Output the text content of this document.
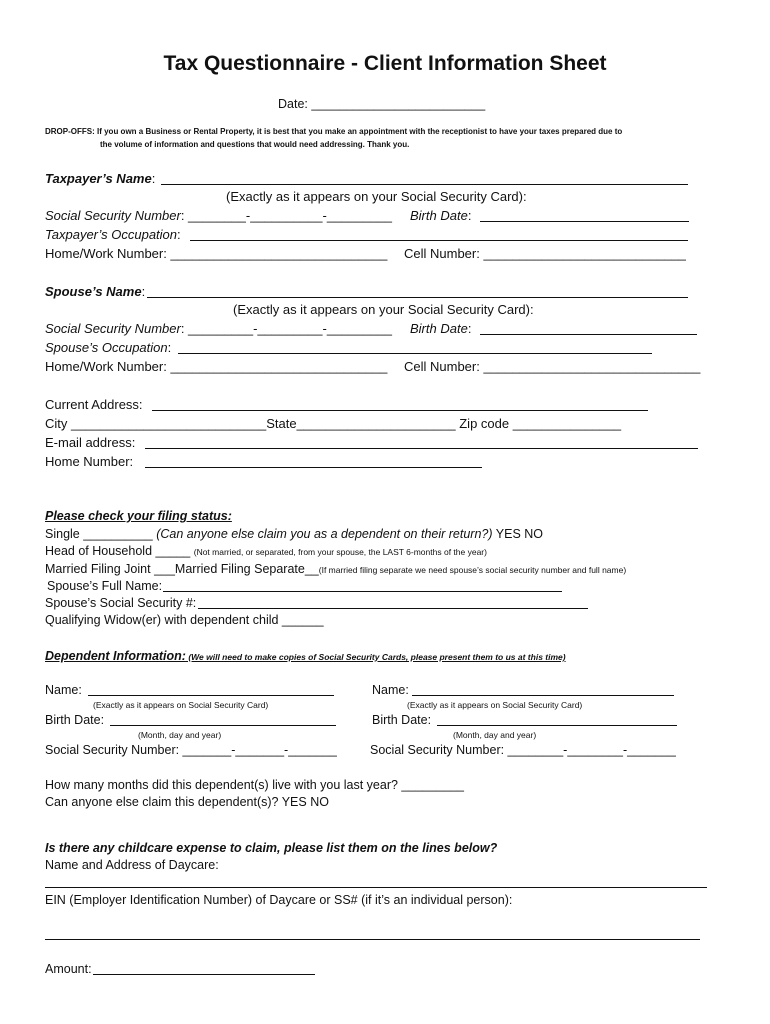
Tax Questionnaire - Client Information Sheet
Date: _________________________
DROP-OFFS: If you own a Business or Rental Property, it is best that you make an appointment with the receptionist to have your taxes prepared due to
the volume of information and questions that would need addressing. Thank you.
Taxpayer’s Name:
(Exactly as it appears on your Social Security Card):
Social Security Number: ________-__________-_________ Birth Date:
Taxpayer’s Occupation:
Home/Work Number: ______________________________ Cell Number: ____________________________
Spouse’s Name:
(Exactly as it appears on your Social Security Card):
Social Security Number: _________-_________-_________ Birth Date:
Spouse’s Occupation:
Home/Work Number: ______________________________ Cell Number: ______________________________
Current Address:
City ___________________________State______________________ Zip code _______________
E-mail address:
Home Number:
Please check your filing status:
Single __________ (Can anyone else claim you as a dependent on their return?) YES NO
Head of Household _____ (Not married, or separated, from your spouse, the LAST 6-months of the year)
Married Filing Joint ___Married Filing Separate__(If married filing separate we need spouse’s social security number and full name)
Spouse’s Full Name:
Spouse’s Social Security #:
Qualifying Widow(er) with dependent child ______
Dependent Information: (We will need to make copies of Social Security Cards, please present them to us at this time)
Name:
(Exactly as it appears on Social Security Card)
Birth Date:
(Month, day and year)
Social Security Number: _______-_______-_______
Name:
(Exactly as it appears on Social Security Card)
Birth Date:
(Month, day and year)
Social Security Number: ________-________-_______
How many months did this dependent(s) live with you last year? _________
Can anyone else claim this dependent(s)? YES NO
Is there any childcare expense to claim, please list them on the lines below?
Name and Address of Daycare:
EIN (Employer Identification Number) of Daycare or SS# (if it’s an individual person):
Amount:
